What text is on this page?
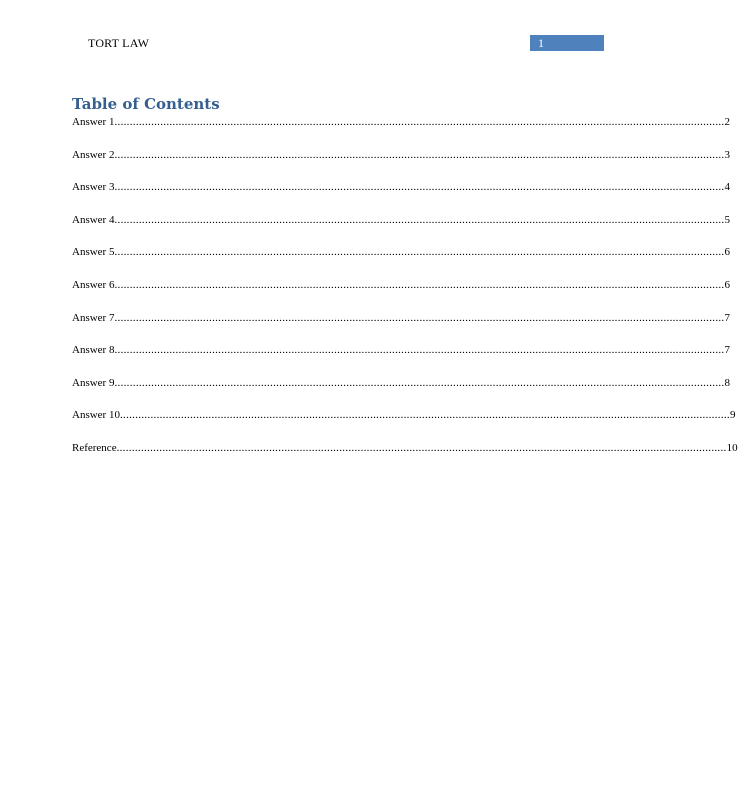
TORT LAW	1
Table of Contents
Answer 1 ........................................................................................................................................................................................................ 2
Answer 2 ........................................................................................................................................................................................................ 3
Answer 3 ........................................................................................................................................................................................................ 4
Answer 4 ........................................................................................................................................................................................................ 5
Answer 5 ........................................................................................................................................................................................................ 6
Answer 6 ........................................................................................................................................................................................................ 6
Answer 7 ........................................................................................................................................................................................................ 7
Answer 8 ........................................................................................................................................................................................................ 7
Answer 9 ........................................................................................................................................................................................................ 8
Answer 10 ........................................................................................................................................................................................................ 9
Reference ........................................................................................................................................................................................................ 10
